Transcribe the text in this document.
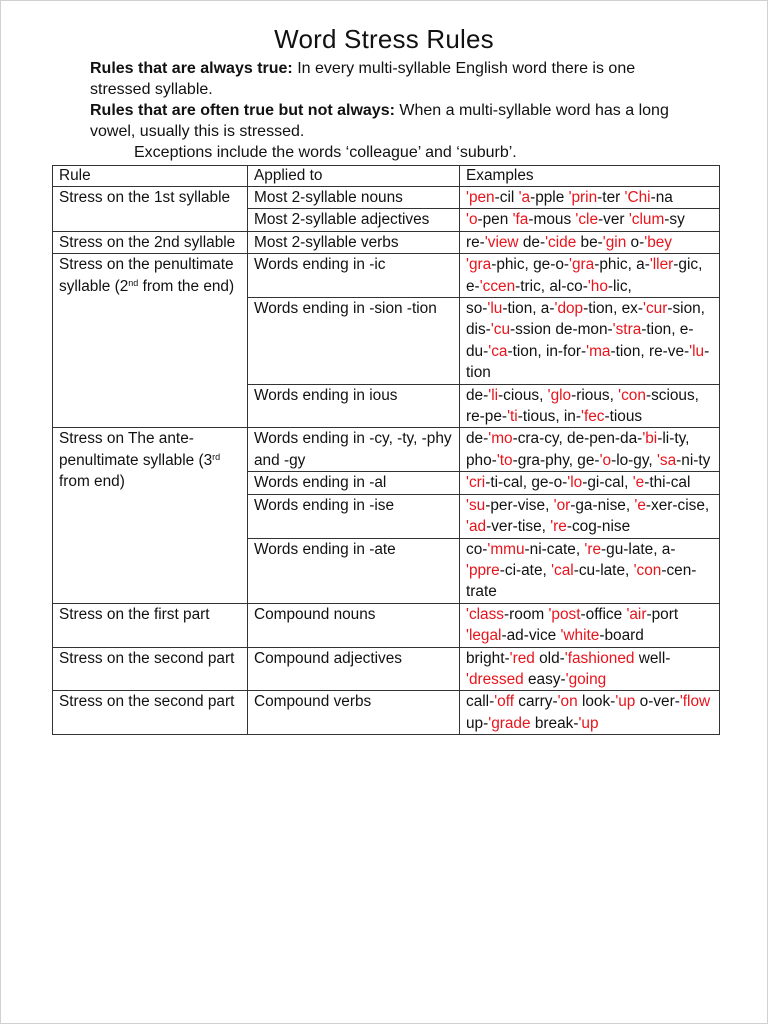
Word Stress Rules

Rules that are always true: In every multi-syllable English word there is one stressed syllable.

Rules that are often true but not always: When a multi-syllable word has a long vowel, usually this is stressed.

Exceptions include the words ‘colleague’ and ‘suburb’.

Rule	Applied to	Examples
Stress on the 1st syllable	Most 2-syllable nouns	'pen-cil 'a-pple 'prin-ter 'Chi-na
	Most 2-syllable adjectives	'o-pen 'fa-mous 'cle-ver 'clum-sy
Stress on the 2nd syllable	Most 2-syllable verbs	re-'view de-'cide be-'gin o-'bey
Stress on the penultimate syllable (2nd from the end)	Words ending in -ic	'gra-phic, ge-o-'gra-phic, a-'ller-gic, e-'ccen-tric, al-co-'ho-lic,
	Words ending in -sion -tion	so-'lu-tion, a-'dop-tion, ex-'cur-sion, dis-'cu-ssion de-mon-'stra-tion, e-du-'ca-tion, in-for-'ma-tion, re-ve-'lu-tion
	Words ending in ious	de-'li-cious, 'glo-rious, 'con-scious, re-pe-'ti-tious, in-'fec-tious
Stress on The ante-penultimate syllable (3rd from end)	Words ending in -cy, -ty, -phy and -gy	de-'mo-cra-cy, de-pen-da-'bi-li-ty, pho-'to-gra-phy, ge-'o-lo-gy, 'sa-ni-ty
	Words ending in -al	'cri-ti-cal, ge-o-'lo-gi-cal, 'e-thi-cal
	Words ending in -ise	'su-per-vise, 'or-ga-nise, 'e-xer-cise, 'ad-ver-tise, 're-cog-nise
	Words ending in -ate	co-'mmu-ni-cate, 're-gu-late, a-'ppre-ci-ate, 'cal-cu-late, 'con-cen-trate
Stress on the first part	Compound nouns	'class-room 'post-office 'air-port 'legal-ad-vice 'white-board
Stress on the second part	Compound adjectives	bright-'red old-'fashioned well-'dressed easy-'going
Stress on the second part	Compound verbs	call-'off carry-'on look-'up o-ver-'flow up-'grade break-'up
